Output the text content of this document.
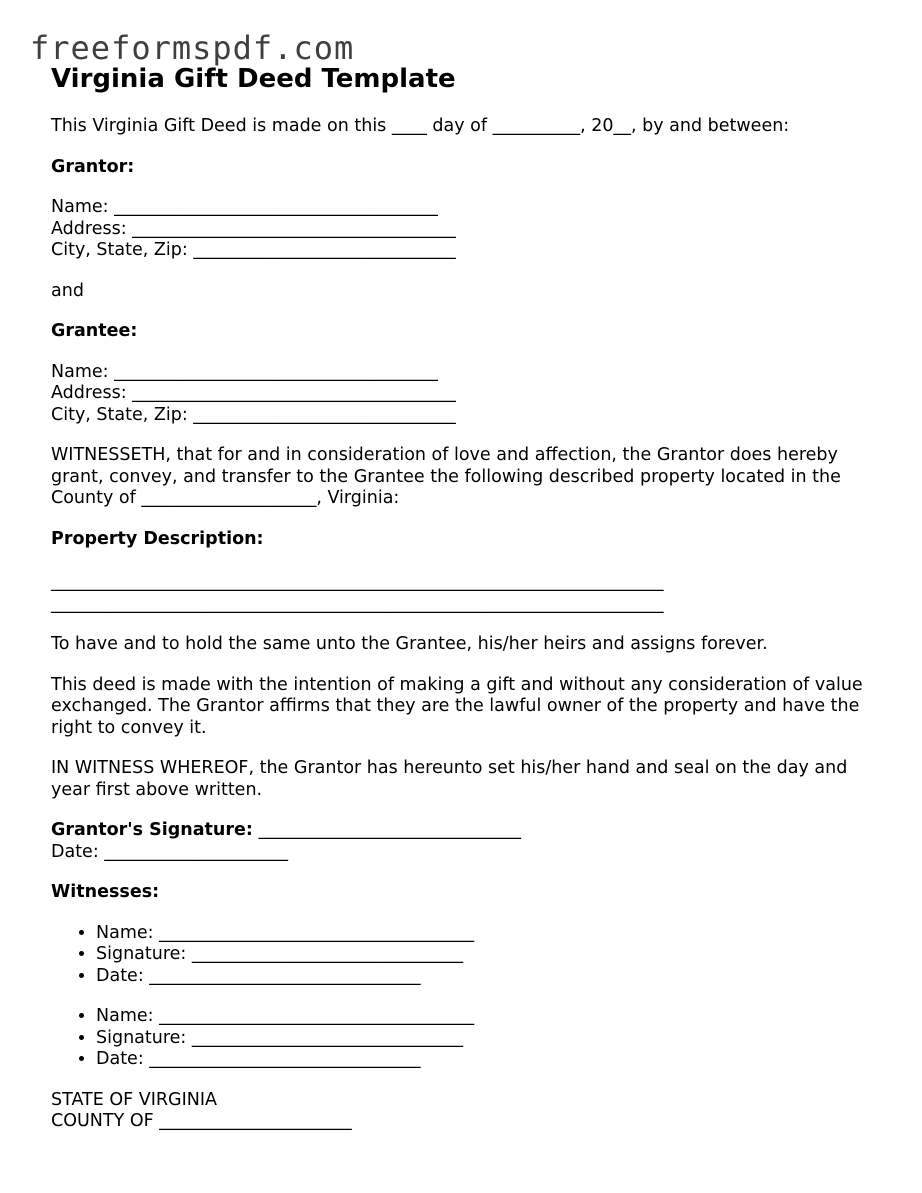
freeformspdf.com
Virginia Gift Deed Template

This Virginia Gift Deed is made on this ____ day of __________, 20__, by and between:

Grantor:

Name: _____________________________________

Address: _____________________________________

City, State, Zip: ______________________________

and

Grantee:

Name: _____________________________________

Address: _____________________________________

City, State, Zip: ______________________________

WITNESSETH, that for and in consideration of love and affection, the Grantor does hereby grant, convey, and transfer to the Grantee the following described property located in the County of ____________________, Virginia:

Property Description:

______________________________________________________________________

______________________________________________________________________

To have and to hold the same unto the Grantee, his/her heirs and assigns forever.

This deed is made with the intention of making a gift and without any consideration of value exchanged. The Grantor affirms that they are the lawful owner of the property and have the right to convey it.

IN WITNESS WHEREOF, the Grantor has hereunto set his/her hand and seal on the day and year first above written.

Grantor's Signature: ______________________________

Date: _____________________

Witnesses:

• Name: ____________________________________
• Signature: _______________________________
• Date: _______________________________
• Name: ____________________________________
• Signature: _______________________________
• Date: _______________________________

STATE OF VIRGINIA

COUNTY OF ______________________
